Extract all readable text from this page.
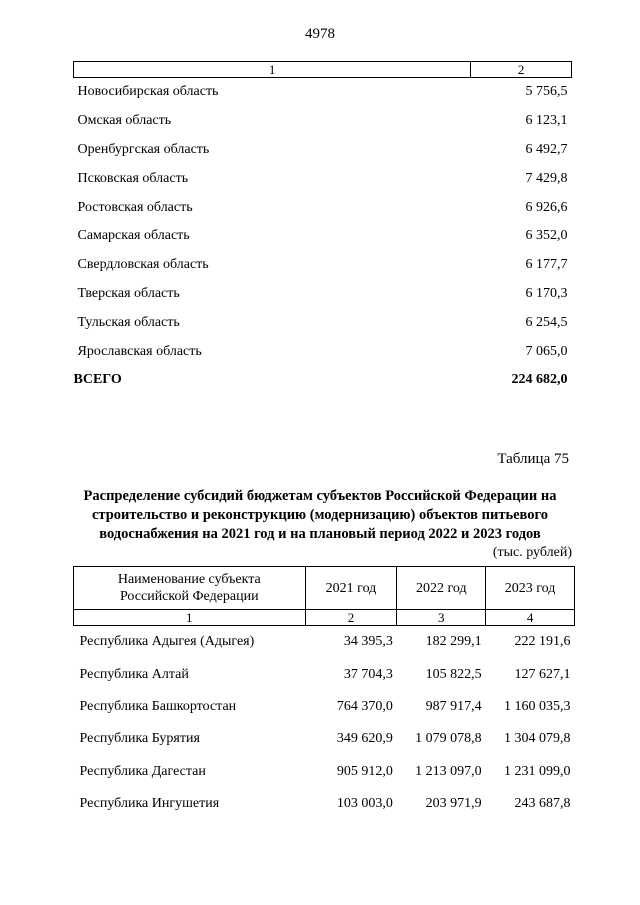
4978
1	2
Новосибирская область	5 756,5
Омская область	6 123,1
Оренбургская область	6 492,7
Псковская область	7 429,8
Ростовская область	6 926,6
Самарская область	6 352,0
Свердловская область	6 177,7
Тверская область	6 170,3
Тульская область	6 254,5
Ярославская область	7 065,0
ВСЕГО	224 682,0
Таблица 75
Распределение субсидий бюджетам субъектов Российской Федерации на строительство и реконструкцию (модернизацию) объектов питьевого водоснабжения на 2021 год и на плановый период 2022 и 2023 годов
(тыс. рублей)
Наименование субъекта Российской Федерации	2021 год	2022 год	2023 год
1	2	3	4
Республика Адыгея (Адыгея)	34 395,3	182 299,1	222 191,6
Республика Алтай	37 704,3	105 822,5	127 627,1
Республика Башкортостан	764 370,0	987 917,4	1 160 035,3
Республика Бурятия	349 620,9	1 079 078,8	1 304 079,8
Республика Дагестан	905 912,0	1 213 097,0	1 231 099,0
Республика Ингушетия	103 003,0	203 971,9	243 687,8
